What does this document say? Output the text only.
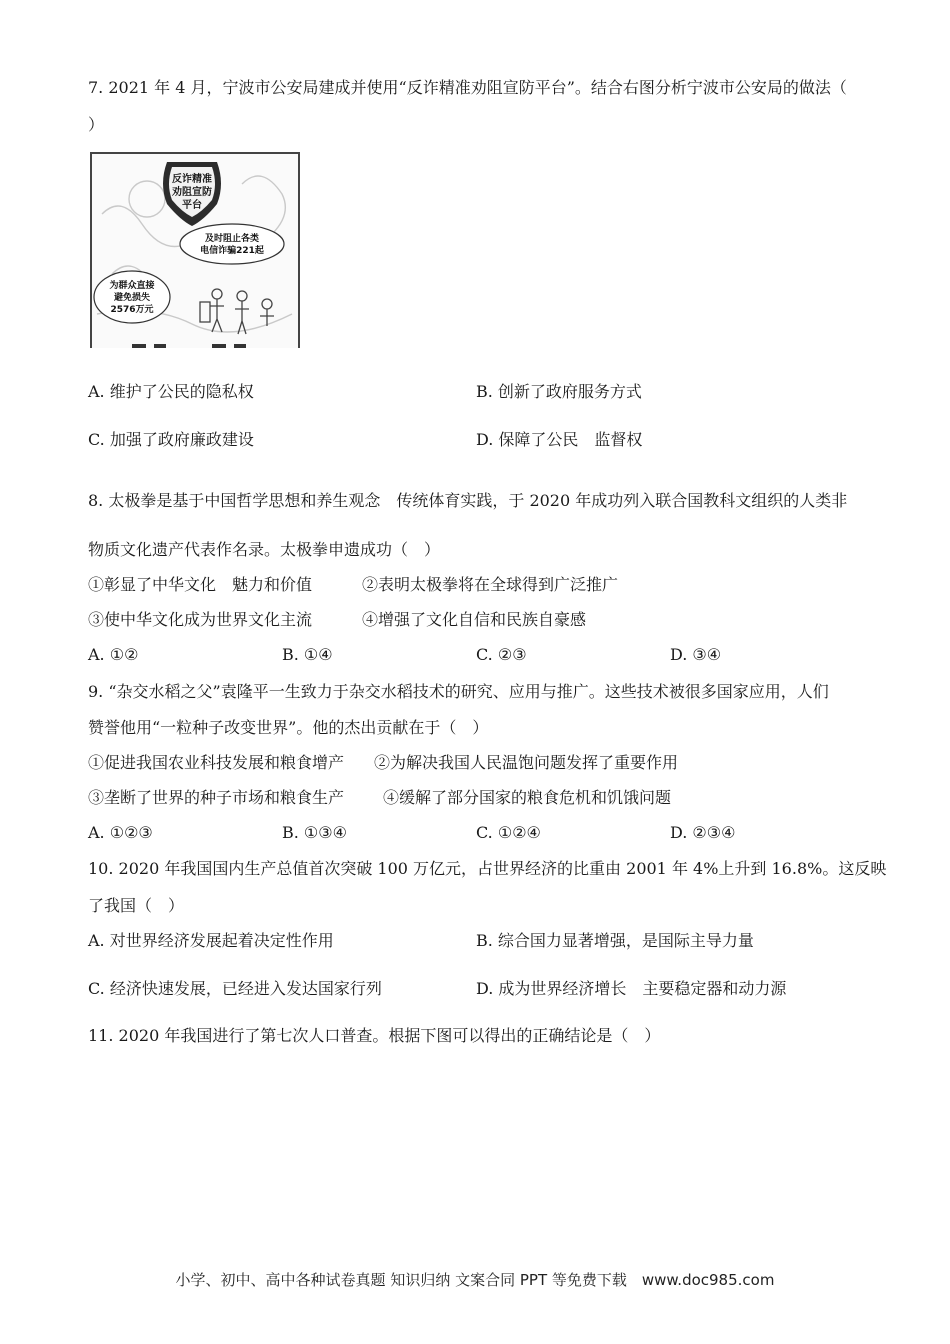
7. 2021 年 4 月，宁波市公安局建成并使用“反诈精准劝阻宣防平台”。结合右图分析宁波市公安局的做法（
）
反诈精准
劝阻宣防
平台
及时阻止各类
电信诈骗221起
为群众直接
避免损失
2576万元
A. 维护了公民的隐私权	B. 创新了政府服务方式
C. 加强了政府廉政建设	D. 保障了公民　监督权
8. 太极拳是基于中国哲学思想和养生观念　传统体育实践，于 2020 年成功列入联合国教科文组织的人类非
物质文化遗产代表作名录。太极拳申遗成功（　）
①彰显了中华文化　魅力和价值	②表明太极拳将在全球得到广泛推广
③使中华文化成为世界文化主流	④增强了文化自信和民族自豪感
A. ①②	B. ①④	C. ②③	D. ③④
9. “杂交水稻之父”袁隆平一生致力于杂交水稻技术的研究、应用与推广。这些技术被很多国家应用，人们
赞誉他用“一粒种子改变世界”。他的杰出贡献在于（　）
①促进我国农业科技发展和粮食增产 ②为解决我国人民温饱问题发挥了重要作用
③垄断了世界的种子市场和粮食生产 ④缓解了部分国家的粮食危机和饥饿问题
A. ①②③	B. ①③④	C. ①②④	D. ②③④
10. 2020 年我国国内生产总值首次突破 100 万亿元，占世界经济的比重由 2001 年 4%上升到 16.8%。这反映
了我国（　）
A. 对世界经济发展起着决定性作用	B. 综合国力显著增强，是国际主导力量
C. 经济快速发展，已经进入发达国家行列	D. 成为世界经济增长　主要稳定器和动力源
11. 2020 年我国进行了第七次人口普查。根据下图可以得出的正确结论是（　）
小学、初中、高中各种试卷真题 知识归纳 文案合同 PPT 等免费下载　www.doc985.com
